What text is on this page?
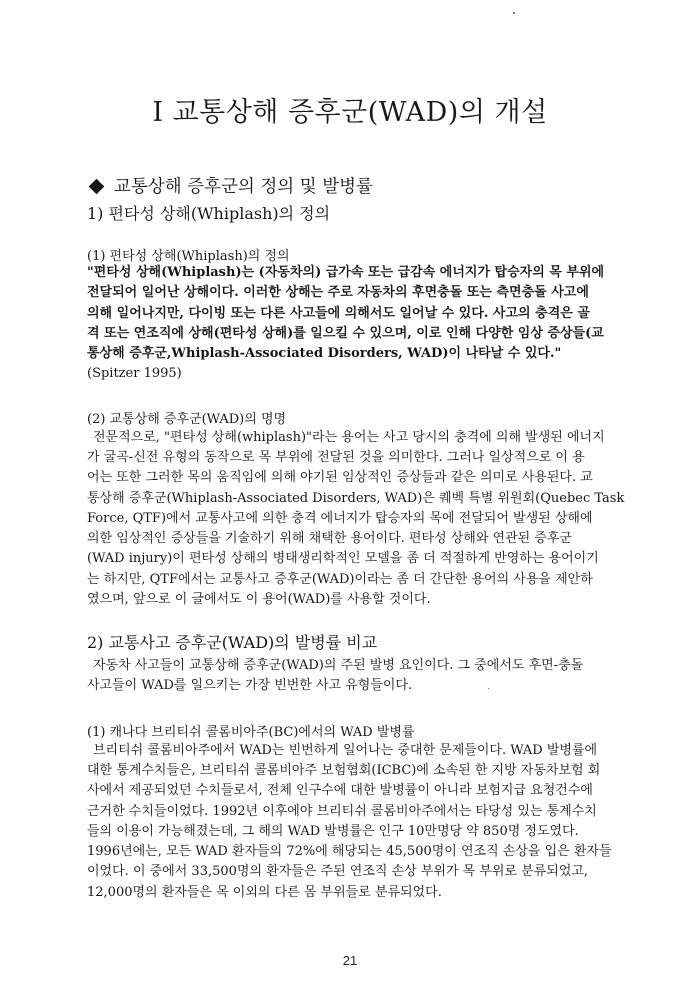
Ⅰ 교통상해 증후군(WAD)의 개설
교통상해 증후군의 정의 및 발병률
1) 편타성 상해(Whiplash)의 정의
(1) 편타성 상해(Whiplash)의 정의
"편타성 상해(Whiplash)는 (자동차의) 급가속 또는 급감속 에너지가 탑승자의 목 부위에
전달되어 일어난 상해이다. 이러한 상해는 주로 자동차의 후면충돌 또는 측면충돌 사고에
의해 일어나지만, 다이빙 또는 다른 사고들에 의해서도 일어날 수 있다. 사고의 충격은 골
격 또는 연조직에 상해(편타성 상해)를 일으킬 수 있으며, 이로 인해 다양한 임상 증상들(교
통상해 증후군,Whiplash-Associated Disorders, WAD)이 나타날 수 있다."
(Spitzer 1995)
(2) 교통상해 증후군(WAD)의 명명
전문적으로, "편타성 상해(whiplash)"라는 용어는 사고 당시의 충격에 의해 발생된 에너지
가 굴곡-신전 유형의 동작으로 목 부위에 전달된 것을 의미한다. 그러나 일상적으로 이 용
어는 또한 그러한 목의 움직임에 의해 야기된 임상적인 증상들과 같은 의미로 사용된다. 교
통상해 증후군(Whiplash-Associated Disorders, WAD)은 퀘벡 특별 위원회(Quebec Task
Force, QTF)에서 교통사고에 의한 충격 에너지가 탑승자의 목에 전달되어 발생된 상해에
의한 임상적인 증상들을 기술하기 위해 채택한 용어이다. 편타성 상해와 연관된 증후군
(WAD injury)이 편타성 상해의 병태생리학적인 모델을 좀 더 적절하게 반영하는 용어이기
는 하지만, QTF에서는 교통사고 증후군(WAD)이라는 좀 더 간단한 용어의 사용을 제안하
였으며, 앞으로 이 글에서도 이 용어(WAD)를 사용할 것이다.
2) 교통사고 증후군(WAD)의 발병률 비교
자동차 사고들이 교통상해 증후군(WAD)의 주된 발병 요인이다. 그 중에서도 후면-충돌
사고들이 WAD를 일으키는 가장 빈번한 사고 유형들이다.
(1) 캐나다 브리티쉬 콜롬비아주(BC)에서의 WAD 발병률
브리티쉬 콜롬비아주에서 WAD는 빈번하게 일어나는 중대한 문제들이다. WAD 발병률에
대한 통계수치들은, 브리티쉬 콜롬비아주 보험협회(ICBC)에 소속된 한 지방 자동차보험 회
사에서 제공되었던 수치들로서, 전체 인구수에 대한 발병률이 아니라 보험지급 요청건수에
근거한 수치들이었다. 1992년 이후에야 브리티쉬 콜롬비아주에서는 타당성 있는 통계수치
들의 이용이 가능해졌는데, 그 해의 WAD 발병률은 인구 10만명당 약 850명 정도였다.
1996년에는, 모든 WAD 환자들의 72%에 해당되는 45,500명이 연조직 손상을 입은 환자들
이었다. 이 중에서 33,500명의 환자들은 주된 연조직 손상 부위가 목 부위로 분류되었고,
12,000명의 환자들은 목 이외의 다른 몸 부위들로 분류되었다.
21
